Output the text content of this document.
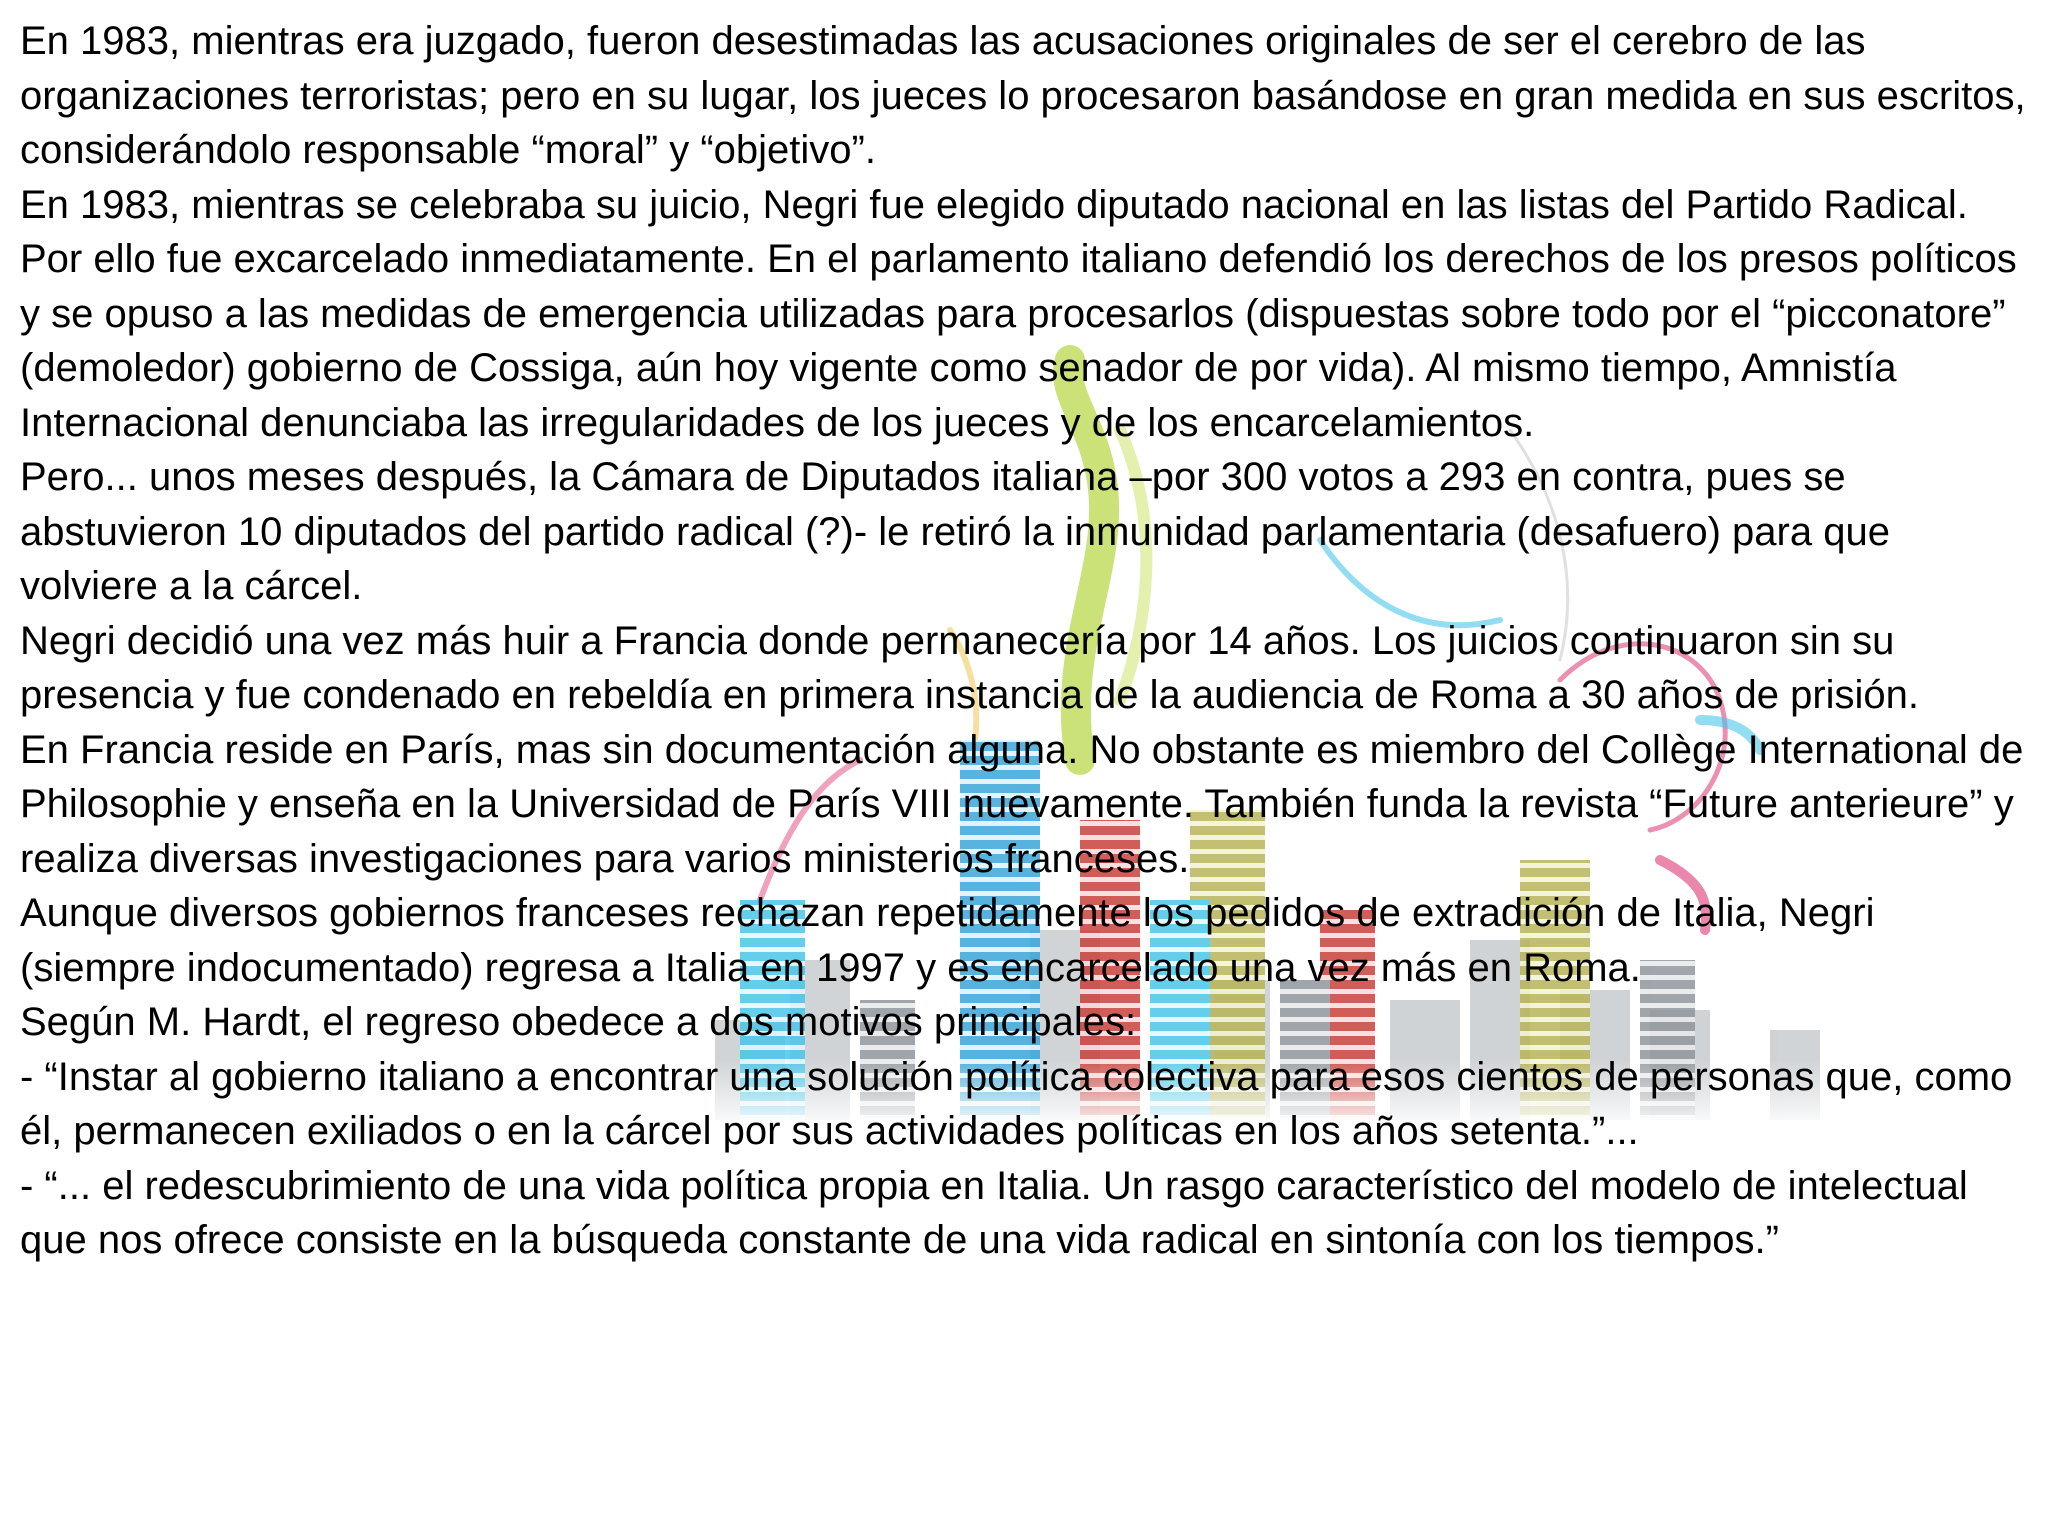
En 1983, mientras era juzgado, fueron desestimadas las acusaciones originales de ser el cerebro de las organizaciones terroristas; pero en su lugar, los jueces lo procesaron basándose en gran medida en sus escritos, considerándolo responsable “moral” y “objetivo”.

En 1983, mientras se celebraba su juicio, Negri fue elegido diputado nacional en las listas del Partido Radical. Por ello fue excarcelado inmediatamente. En el parlamento italiano defendió los derechos de los presos políticos y se opuso a las medidas de emergencia utilizadas para procesarlos (dispuestas sobre todo por el “picconatore” (demoledor) gobierno de Cossiga, aún hoy vigente como senador de por vida). Al mismo tiempo, Amnistía Internacional denunciaba las irregularidades de los jueces y de los encarcelamientos.

Pero... unos meses después, la Cámara de Diputados italiana –por 300 votos a 293 en contra, pues se abstuvieron 10 diputados del partido radical (?)- le retiró la inmunidad parlamentaria (desafuero) para que volviere a la cárcel.

Negri decidió una vez más huir a Francia donde permanecería por 14 años. Los juicios continuaron sin su presencia y fue condenado en rebeldía en primera instancia de la audiencia de Roma a 30 años de prisión.

En Francia reside en París, mas sin documentación alguna. No obstante es miembro del Collège International de Philosophie y enseña en la Universidad de París VIII nuevamente. También funda la revista “Future anterieure” y realiza diversas investigaciones para varios ministerios franceses.

Aunque diversos gobiernos franceses rechazan repetidamente los pedidos de extradición de Italia, Negri (siempre indocumentado) regresa a Italia en 1997 y es encarcelado una vez más en Roma.

Según M. Hardt, el regreso obedece a dos motivos principales:

- “Instar al gobierno italiano a encontrar una solución política colectiva para esos cientos de personas que, como él, permanecen exiliados o en la cárcel por sus actividades políticas en los años setenta.”...

- “... el redescubrimiento de una vida política propia en Italia. Un rasgo característico del modelo de intelectual que nos ofrece consiste en la búsqueda constante de una vida radical en sintonía con los tiempos.”
